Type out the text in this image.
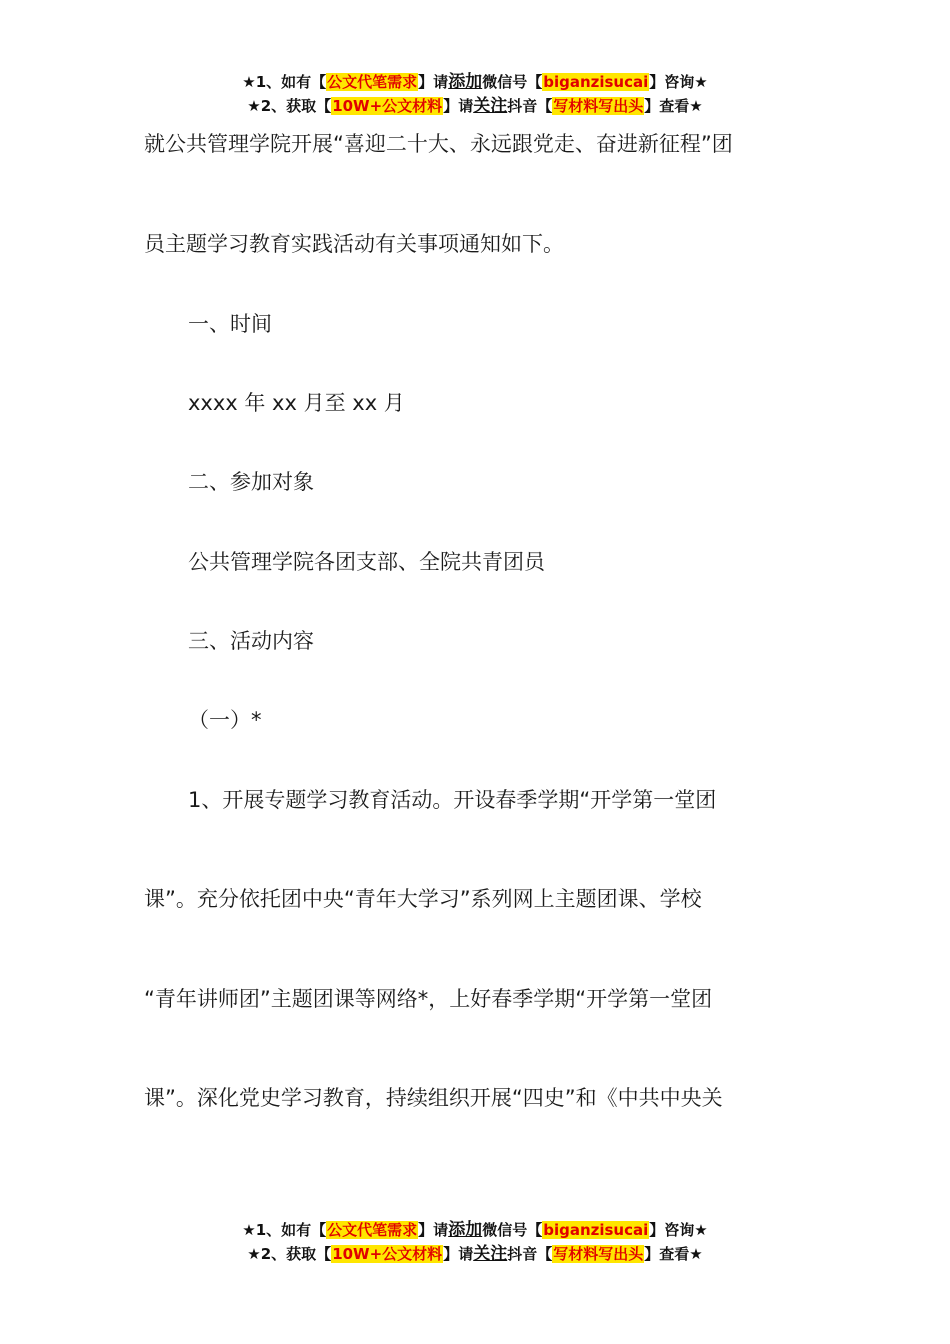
★1、如有【公文代笔需求】请添加微信号【biganzisucai】咨询★
★2、获取【10W+公文材料】请关注抖音【写材料写出头】查看★

就公共管理学院开展“喜迎二十大、永远跟党走、奋进新征程”团

员主题学习教育实践活动有关事项通知如下。

一、时间

xxxx 年 xx 月至 xx 月

二、参加对象

公共管理学院各团支部、全院共青团员

三、活动内容

（一）*

1、开展专题学习教育活动。开设春季学期“开学第一堂团

课”。充分依托团中央“青年大学习”系列网上主题团课、学校

“青年讲师团”主题团课等网络*，上好春季学期“开学第一堂团

课”。深化党史学习教育，持续组织开展“四史”和《中共中央关

★1、如有【公文代笔需求】请添加微信号【biganzisucai】咨询★
★2、获取【10W+公文材料】请关注抖音【写材料写出头】查看★
